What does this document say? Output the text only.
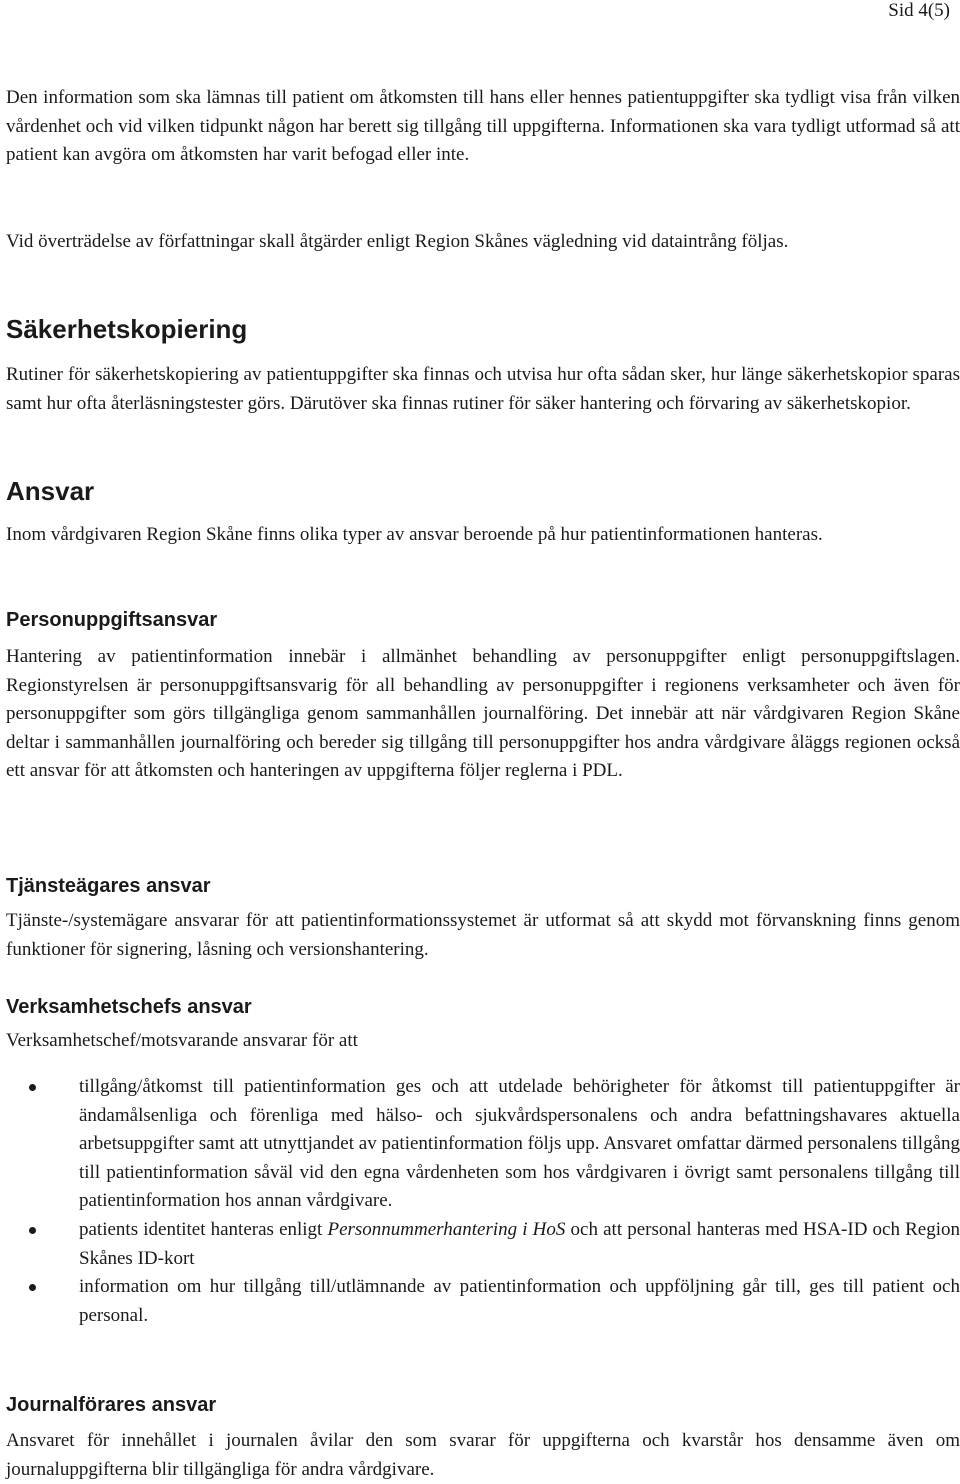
Sid 4(5)

Den information som ska lämnas till patient om åtkomsten till hans eller hennes patientuppgifter ska tydligt visa från vilken vårdenhet och vid vilken tidpunkt någon har berett sig tillgång till uppgifterna. Informationen ska vara tydligt utformad så att patient kan avgöra om åtkomsten har varit befogad eller inte.

Vid överträdelse av författningar skall åtgärder enligt Region Skånes vägledning vid dataintrång följas.

Säkerhetskopiering

Rutiner för säkerhetskopiering av patientuppgifter ska finnas och utvisa hur ofta sådan sker, hur länge säkerhetskopior sparas samt hur ofta återläsningstester görs. Därutöver ska finnas rutiner för säker hantering och förvaring av säkerhetskopior.

Ansvar

Inom vårdgivaren Region Skåne finns olika typer av ansvar beroende på hur patientinformationen hanteras.

Personuppgiftsansvar

Hantering av patientinformation innebär i allmänhet behandling av personuppgifter enligt personuppgiftslagen. Regionstyrelsen är personuppgiftsansvarig för all behandling av personuppgifter i regionens verksamheter och även för personuppgifter som görs tillgängliga genom sammanhållen journalföring. Det innebär att när vårdgivaren Region Skåne deltar i sammanhållen journalföring och bereder sig tillgång till personuppgifter hos andra vårdgivare åläggs regionen också ett ansvar för att åtkomsten och hanteringen av uppgifterna följer reglerna i PDL.

Tjänsteägares ansvar

Tjänste-/systemägare ansvarar för att patientinformationssystemet är utformat så att skydd mot förvanskning finns genom funktioner för signering, låsning och versionshantering.

Verksamhetschefs ansvar

Verksamhetschef/motsvarande ansvarar för att

tillgång/åtkomst till patientinformation ges och att utdelade behörigheter för åtkomst till patientuppgifter är ändamålsenliga och förenliga med hälso- och sjukvårdspersonalens och andra befattningshavares aktuella arbetsuppgifter samt att utnyttjandet av patientinformation följs upp. Ansvaret omfattar därmed personalens tillgång till patientinformation såväl vid den egna vårdenheten som hos vårdgivaren i övrigt samt personalens tillgång till patientinformation hos annan vårdgivare.
patients identitet hanteras enligt Personnummerhantering i HoS och att personal hanteras med HSA-ID och Region Skånes ID-kort
information om hur tillgång till/utlämnande av patientinformation och uppföljning går till, ges till patient och personal.
Journalförares ansvar

Ansvaret för innehållet i journalen åvilar den som svarar för uppgifterna och kvarstår hos densamme även om journaluppgifterna blir tillgängliga för andra vårdgivare.
